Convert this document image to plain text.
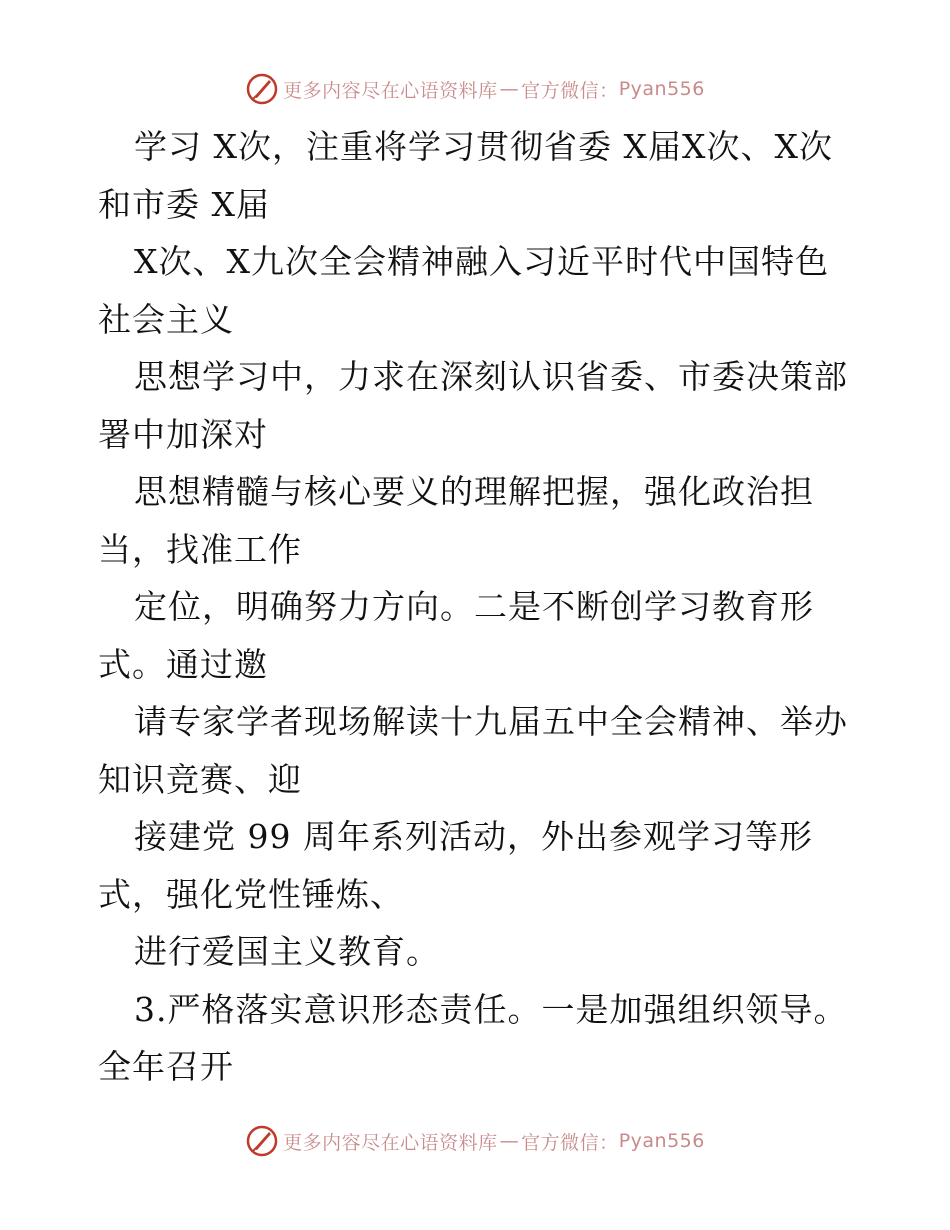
更多内容尽在心语资料库 — 官方微信： Pyan556
学习 X次，注重将学习贯彻省委 X届X次、X次
和市委 X届
X次、X九次全会精神融入习近平时代中国特色
社会主义
思想学习中，力求在深刻认识省委、市委决策部
署中加深对
思想精髓与核心要义的理解把握，强化政治担
当，找准工作
定位，明确努力方向。二是不断创学习教育形
式。通过邀
请专家学者现场解读十九届五中全会精神、举办
知识竞赛、迎
接建党 99 周年系列活动，外出参观学习等形
式，强化党性锤炼、
进行爱国主义教育。
3.严格落实意识形态责任。一是加强组织领导。
全年召开
更多内容尽在心语资料库 — 官方微信： Pyan556
